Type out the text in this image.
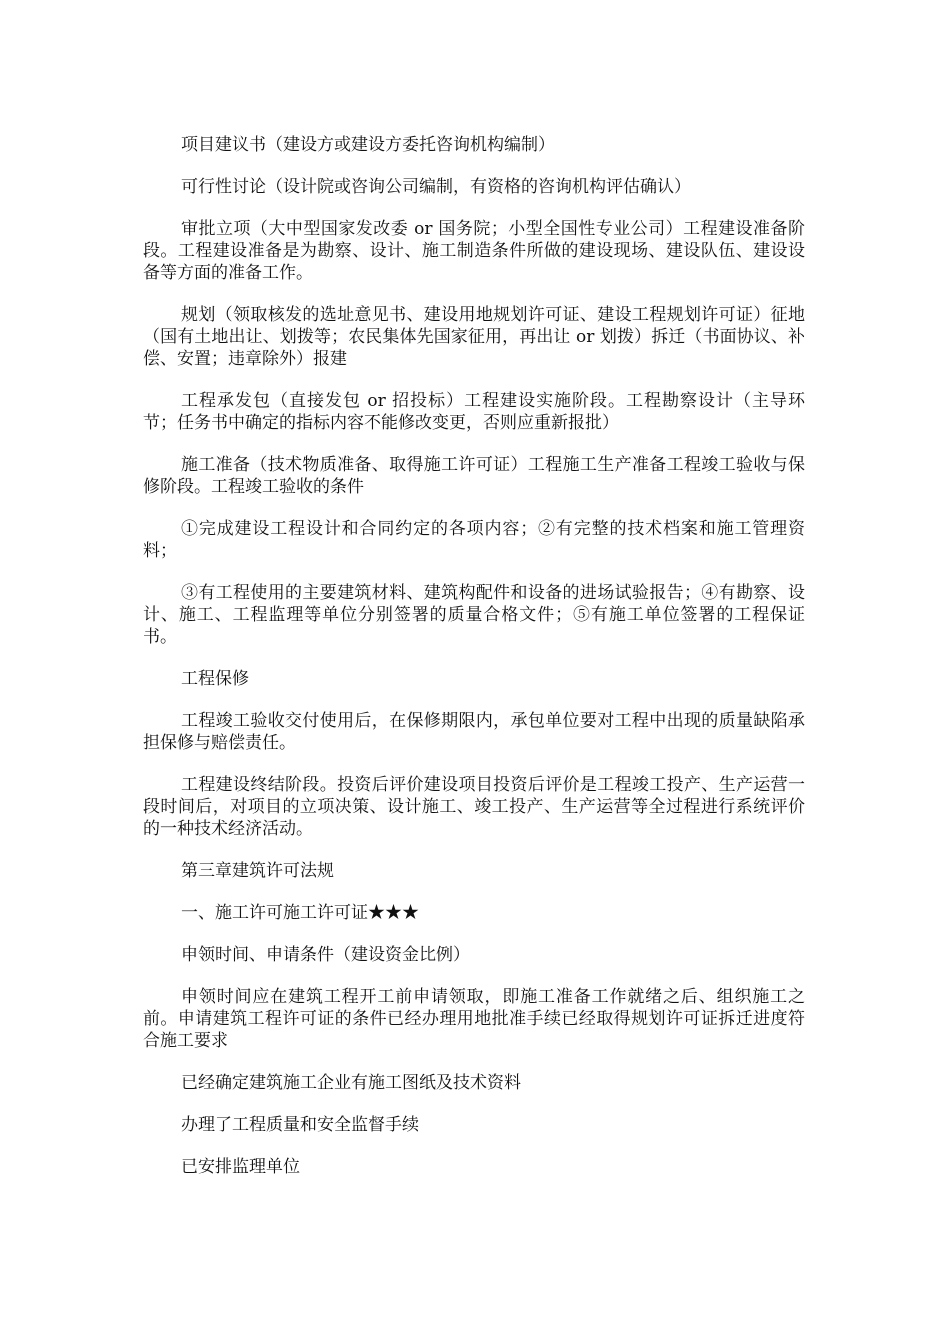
项目建议书（建设方或建设方委托咨询机构编制）

可行性讨论（设计院或咨询公司编制，有资格的咨询机构评估确认）

审批立项（大中型国家发改委 or 国务院；小型全国性专业公司）工程建设准备阶段。工程建设准备是为勘察、设计、施工制造条件所做的建设现场、建设队伍、建设设备等方面的准备工作。

规划（领取核发的选址意见书、建设用地规划许可证、建设工程规划许可证）征地（国有土地出让、划拨等；农民集体先国家征用，再出让 or 划拨）拆迁（书面协议、补偿、安置；违章除外）报建

工程承发包（直接发包 or 招投标）工程建设实施阶段。工程勘察设计（主导环节；任务书中确定的指标内容不能修改变更，否则应重新报批）

施工准备（技术物质准备、取得施工许可证）工程施工生产准备工程竣工验收与保修阶段。工程竣工验收的条件

①完成建设工程设计和合同约定的各项内容；②有完整的技术档案和施工管理资料；

③有工程使用的主要建筑材料、建筑构配件和设备的进场试验报告；④有勘察、设计、施工、工程监理等单位分别签署的质量合格文件；⑤有施工单位签署的工程保证书。

工程保修

工程竣工验收交付使用后，在保修期限内，承包单位要对工程中出现的质量缺陷承担保修与赔偿责任。

工程建设终结阶段。投资后评价建设项目投资后评价是工程竣工投产、生产运营一段时间后，对项目的立项决策、设计施工、竣工投产、生产运营等全过程进行系统评价的一种技术经济活动。

第三章建筑许可法规

一、施工许可施工许可证★★★

申领时间、申请条件（建设资金比例）

申领时间应在建筑工程开工前申请领取，即施工准备工作就绪之后、组织施工之前。申请建筑工程许可证的条件已经办理用地批准手续已经取得规划许可证拆迁进度符合施工要求

已经确定建筑施工企业有施工图纸及技术资料

办理了工程质量和安全监督手续

已安排监理单位
